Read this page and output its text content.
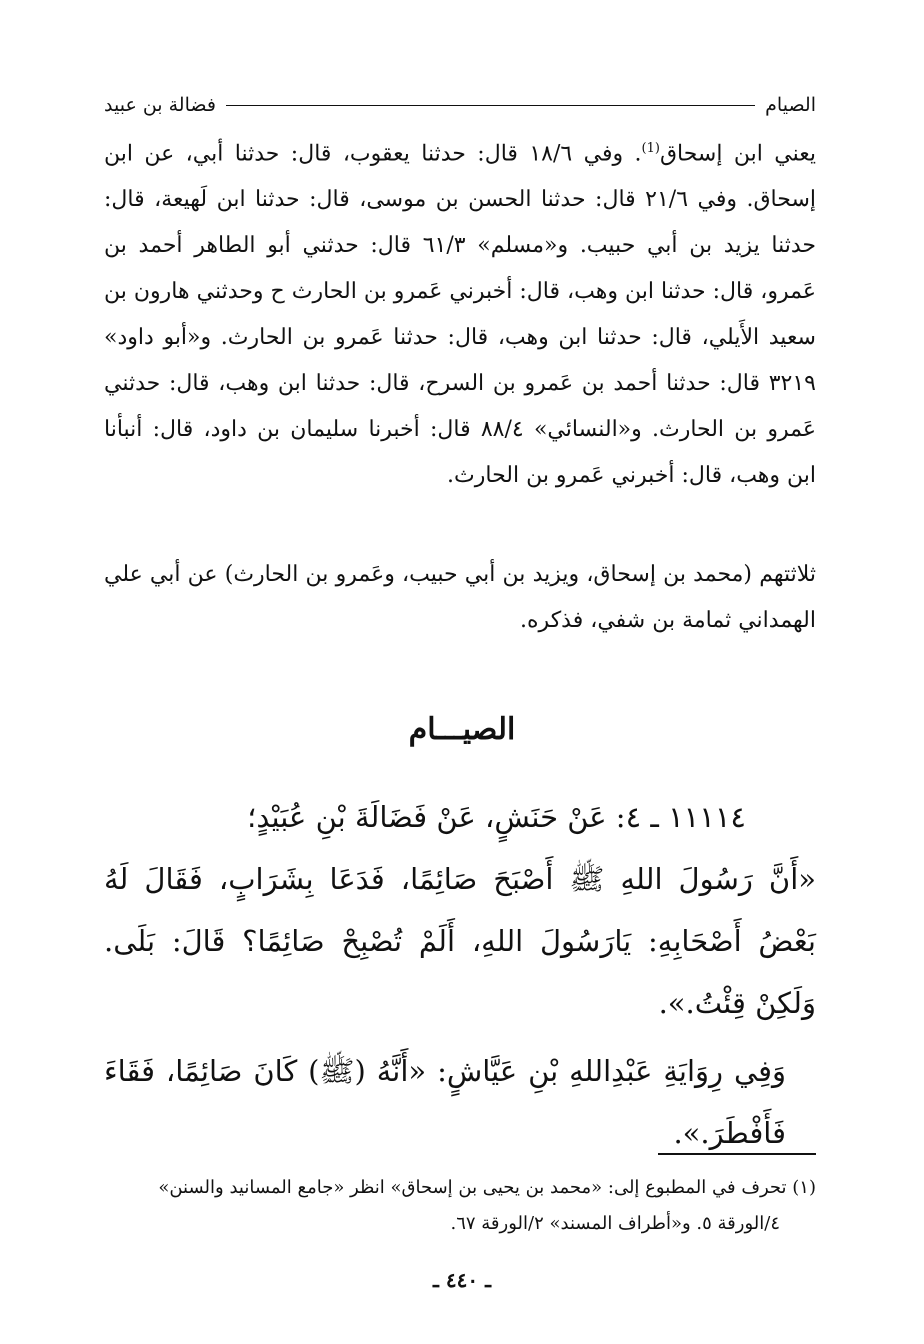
الصيام
فضالة بن عبيد

يعني ابن إسحاق$^{(1)}$. وفي ١٨/٦ قال: حدثنا يعقوب، قال: حدثنا أبي، عن ابن إسحاق. وفي ٢١/٦ قال: حدثنا الحسن بن موسى، قال: حدثنا ابن لَهيعة، قال: حدثنا يزيد بن أبي حبيب. و«مسلم» ٦١/٣ قال: حدثني أبو الطاهر أحمد بن عَمرو، قال: حدثنا ابن وهب، قال: أخبرني عَمرو بن الحارث ح وحدثني هارون بن سعيد الأَيلي، قال: حدثنا ابن وهب، قال: حدثنا عَمرو بن الحارث. و«أبو داود» ٣٢١٩ قال: حدثنا أحمد بن عَمرو بن السرح، قال: حدثنا ابن وهب، قال: حدثني عَمرو بن الحارث. و«النسائي» ٨٨/٤ قال: أخبرنا سليمان بن داود، قال: أنبأنا ابن وهب، قال: أخبرني عَمرو بن الحارث.

ثلاثتهم (محمد بن إسحاق، ويزيد بن أبي حبيب، وعَمرو بن الحارث) عن أبي علي الهمداني ثمامة بن شفي، فذكره.
الصيـــام

١١١١٤ ـ ٤: عَنْ حَنَشٍ، عَنْ فَضَالَةَ بْنِ عُبَيْدٍ؛

«أَنَّ رَسُولَ اللهِ ﷺ أَصْبَحَ صَائِمًا، فَدَعَا بِشَرَابٍ، فَقَالَ لَهُ بَعْضُ أَصْحَابِهِ: يَارَسُولَ اللهِ، أَلَمْ تُصْبِحْ صَائِمًا؟ قَالَ: بَلَى. وَلَكِنْ قِئْتُ.».

وَفِي رِوَايَةِ عَبْدِاللهِ بْنِ عَيَّاشٍ: «أَنَّهُ (ﷺ) كَانَ صَائِمًا، فَقَاءَ فَأَفْطَرَ.».

(١) تحرف في المطبوع إلى: «محمد بن يحيى بن إسحاق» انظر «جامع المسانيد والسنن»

٤/الورقة ٥. و«أطراف المسند» ٢/الورقة ٦٧.

ـ ٤٤٠ ـ
